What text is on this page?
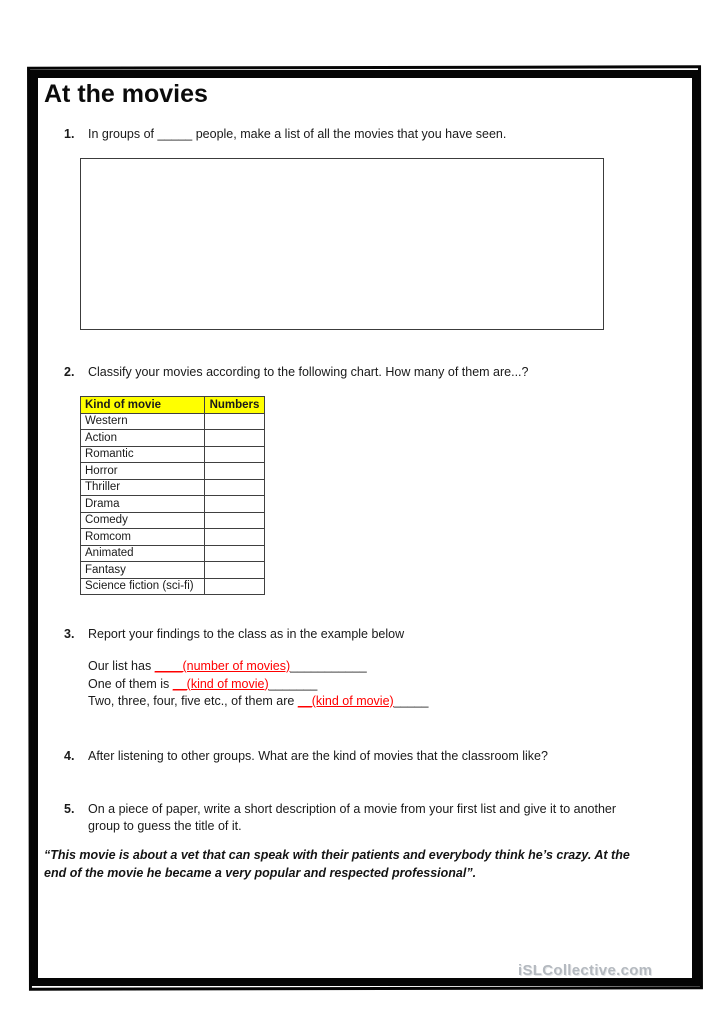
At the movies
1.	In groups of _____ people, make a list of all the movies that you have seen.
2.	Classify your movies according to the following chart. How many of them are...?
Kind of movie	Numbers
Western	
Action	
Romantic	
Horror	
Thriller	
Drama	
Comedy	
Romcom	
Animated	
Fantasy	
Science fiction (sci-fi)	
3.	Report your findings to the class as in the example below
Our list has ____(number of movies)___________
One of them is __(kind of movie)_______
Two, three, four, five etc., of them are __(kind of movie)_____
4.	After listening to other groups. What are the kind of movies that the classroom like?
5.	On a piece of paper, write a short description of a movie from your first list and give it to another group to guess the title of it.
“This movie is about a vet that can speak with their patients and everybody think he’s crazy. At the end of the movie he became a very popular and respected professional”.
iSLCollective.com
